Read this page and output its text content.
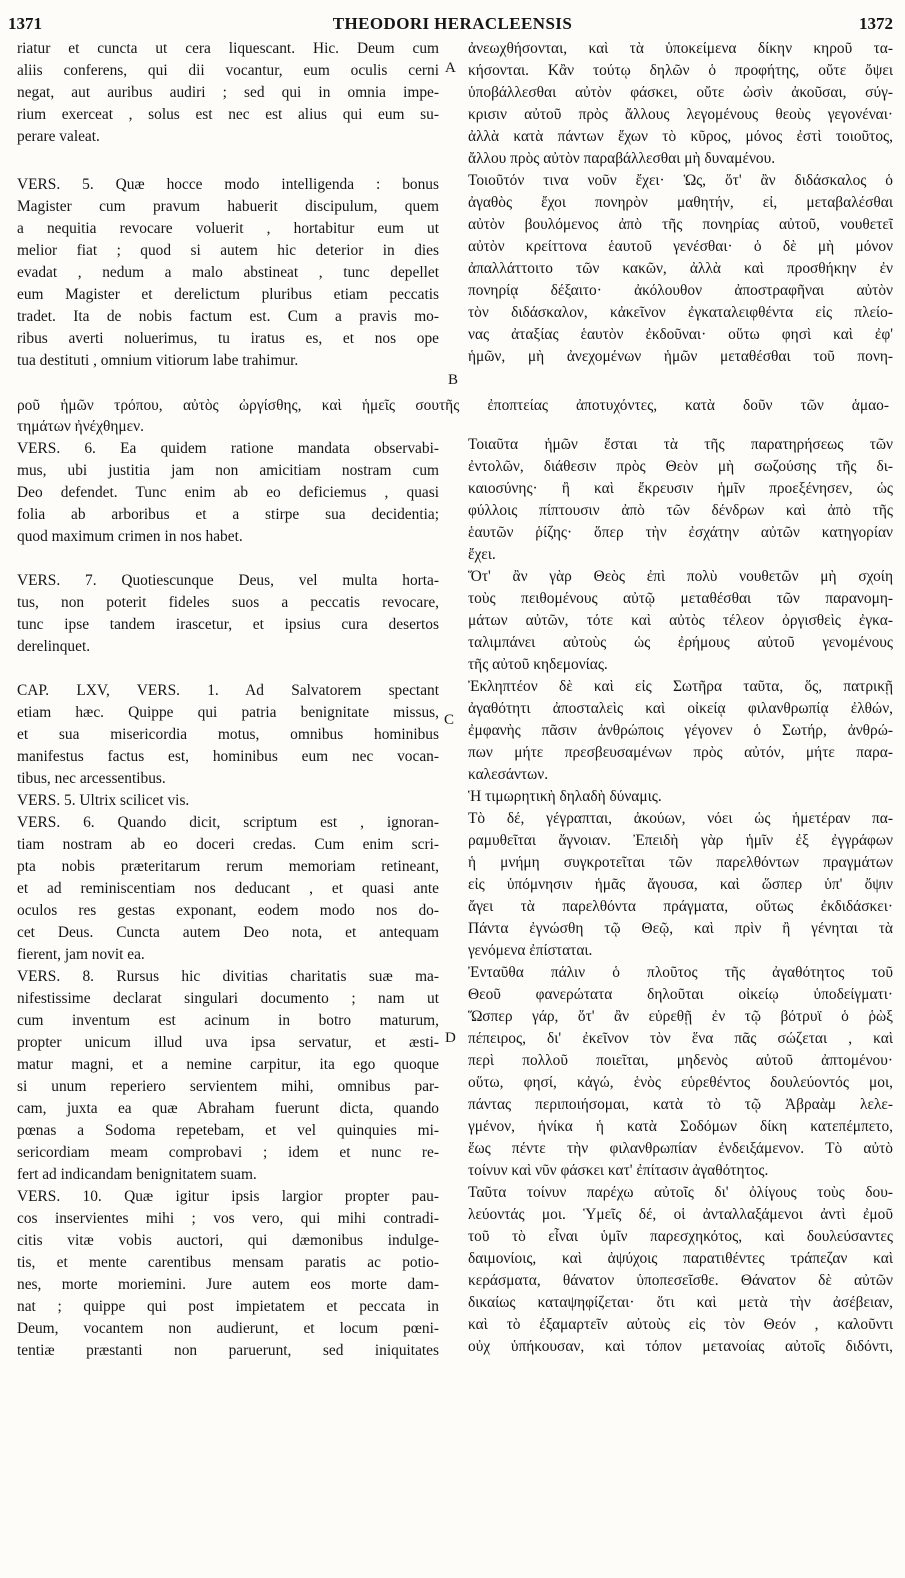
1371	THEODORI HERACLEENSIS	1372
A
B
C
D
riatur et cuncta ut cera liquescant. Hic. Deum cum
aliis conferens, qui dii vocantur, eum oculis cerni
negat, aut auribus audiri ; sed qui in omnia impe-
rium exerceat , solus est nec est alius qui eum su-
perare valeat.
VERS. 5. Quæ hocce modo intelligenda : bonus
Magister cum pravum habuerit discipulum, quem
a nequitia revocare voluerit , hortabitur eum ut
melior fiat ; quod si autem hic deterior in dies
evadat , nedum a malo abstineat , tunc depellet
eum Magister et derelictum pluribus etiam peccatis
tradet. Ita de nobis factum est. Cum a pravis mo-
ribus averti noluerimus, tu iratus es, et nos ope
tua destituti , omnium vitiorum labe trahimur.
τημάτων ἠνέχθημεν.
VERS. 6. Ea quidem ratione mandata observabi-
mus, ubi justitia jam non amicitiam nostram cum
Deo defendet. Tunc enim ab eo deficiemus , quasi
folia ab arboribus et a stirpe sua decidentia;
quod maximum crimen in nos habet.
VERS. 7. Quotiescunque Deus, vel multa horta-
tus, non poterit fideles suos a peccatis revocare,
tunc ipse tandem irascetur, et ipsius cura desertos
derelinquet.
CAP. LXV, VERS. 1. Ad Salvatorem spectant
etiam hæc. Quippe qui patria benignitate missus,
et sua misericordia motus, omnibus hominibus
manifestus factus est, hominibus eum nec vocan-
tibus, nec arcessentibus.
VERS. 5. Ultrix scilicet vis.
VERS. 6. Quando dicit, scriptum est , ignoran-
tiam nostram ab eo doceri credas. Cum enim scri-
pta nobis præteritarum rerum memoriam retineant,
et ad reminiscentiam nos deducant , et quasi ante
oculos res gestas exponant, eodem modo nos do-
cet Deus. Cuncta autem Deo nota, et antequam
fierent, jam novit ea.
VERS. 8. Rursus hic divitias charitatis suæ ma-
nifestissime declarat singulari documento ; nam ut
cum inventum est acinum in botro maturum,
propter unicum illud uva ipsa servatur, et æsti-
matur magni, et a nemine carpitur, ita ego quoque
si unum reperiero servientem mihi, omnibus par-
cam, juxta ea quæ Abraham fuerunt dicta, quando
pœnas a Sodoma repetebam, et vel quinquies mi-
sericordiam meam comprobavi ; idem et nunc re-
fert ad indicandam benignitatem suam.
VERS. 10. Quæ igitur ipsis largior propter pau-
cos inservientes mihi ; vos vero, qui mihi contradi-
citis vitæ vobis auctori, qui dæmonibus indulge-
tis, et mente carentibus mensam paratis ac potio-
nes, morte moriemini. Jure autem eos morte dam-
nat ; quippe qui post impietatem et peccata in
Deum, vocantem non audierunt, et locum pœni-
tentiæ præstanti non paruerunt, sed iniquitates
ροῦ ἡμῶν τρόπου, αὐτὸς ὠργίσθης, καὶ ἡμεῖς σουτῆς ἐποπτείας ἀποτυχόντες, κατὰ δοῦν τῶν ἁμαο-
ἀνεωχθήσονται, καὶ τὰ ὑποκείμενα δίκην κηροῦ τα-
κήσονται. Κἂν τούτῳ δηλῶν ὁ προφήτης, οὔτε ὄψει
ὑποβάλλεσθαι αὐτὸν φάσκει, οὔτε ὠσὶν ἀκοῦσαι, σύγ-
κρισιν αὐτοῦ πρὸς ἄλλους λεγομένους θεοὺς γεγονέναι·
ἀλλὰ κατὰ πάντων ἔχων τὸ κῦρος, μόνος ἐστὶ τοιοῦτος,
ἄλλου πρὸς αὐτὸν παραβάλλεσθαι μὴ δυναμένου.
Τοιοῦτόν τινα νοῦν ἔχει· Ὡς, ὅτ' ἂν διδάσκαλος ὁ
ἀγαθὸς ἔχοι πονηρὸν μαθητήν, εἰ, μεταβαλέσθαι
αὐτὸν βουλόμενος ἀπὸ τῆς πονηρίας αὐτοῦ, νουθετεῖ
αὐτὸν κρείττονα ἑαυτοῦ γενέσθαι· ὁ δὲ μὴ μόνον
ἀπαλλάττοιτο τῶν κακῶν, ἀλλὰ καὶ προσθήκην ἐν
πονηρίᾳ δέξαιτο· ἀκόλουθον ἀποστραφῆναι αὐτὸν
τὸν διδάσκαλον, κἀκεῖνον ἐγκαταλειφθέντα εἰς πλείο-
νας ἀταξίας ἑαυτὸν ἐκδοῦναι· οὕτω φησὶ καὶ ἐφ'
ἡμῶν, μὴ ἀνεχομένων ἡμῶν μεταθέσθαι τοῦ πονη-
Τοιαῦτα ἡμῶν ἔσται τὰ τῆς παρατηρήσεως τῶν
ἐντολῶν, διάθεσιν πρὸς Θεὸν μὴ σωζούσης τῆς δι-
καιοσύνης· ἢ καὶ ἔκρευσιν ἡμῖν προεξένησεν, ὡς
φύλλοις πίπτουσιν ἀπὸ τῶν δένδρων καὶ ἀπὸ τῆς
ἑαυτῶν ῥίζης· ὅπερ τὴν ἐσχάτην αὐτῶν κατηγορίαν
ἔχει.
Ὅτ' ἂν γὰρ Θεὸς ἐπὶ πολὺ νουθετῶν μὴ σχοίη
τοὺς πειθομένους αὐτῷ μεταθέσθαι τῶν παρανομη-
μάτων αὐτῶν, τότε καὶ αὐτὸς τέλεον ὀργισθεὶς ἐγκα-
ταλιμπάνει αὐτοὺς ὡς ἐρήμους αὐτοῦ γενομένους
τῆς αὐτοῦ κηδεμονίας.
Ἐκληπτέον δὲ καὶ εἰς Σωτῆρα ταῦτα, ὅς, πατρικῇ
ἀγαθότητι ἀποσταλεὶς καὶ οἰκείᾳ φιλανθρωπίᾳ ἐλθών,
ἐμφανὴς πᾶσιν ἀνθρώποις γέγονεν ὁ Σωτήρ, ἀνθρώ-
πων μήτε πρεσβευσαμένων πρὸς αὐτόν, μήτε παρα-
καλεσάντων.
Ἡ τιμωρητικὴ δηλαδὴ δύναμις.
Τὸ δέ, γέγραπται, ἀκούων, νόει ὡς ἡμετέραν πα-
ραμυθεῖται ἄγνοιαν. Ἐπειδὴ γὰρ ἡμῖν ἐξ ἐγγράφων
ἡ μνήμη συγκροτεῖται τῶν παρελθόντων πραγμάτων
εἰς ὑπόμνησιν ἡμᾶς ἄγουσα, καὶ ὥσπερ ὑπ' ὄψιν
ἄγει τὰ παρελθόντα πράγματα, οὕτως ἐκδιδάσκει·
Πάντα ἐγνώσθη τῷ Θεῷ, καὶ πρὶν ἢ γένηται τὰ
γενόμενα ἐπίσταται.
Ἐνταῦθα πάλιν ὁ πλοῦτος τῆς ἀγαθότητος τοῦ
Θεοῦ φανερώτατα δηλοῦται οἰκείῳ ὑποδείγματι·
Ὥσπερ γάρ, ὅτ' ἂν εὑρεθῇ ἐν τῷ βότρυϊ ὁ ῥὼξ
πέπειρος, δι' ἐκεῖνον τὸν ἕνα πᾶς σώζεται , καὶ
περὶ πολλοῦ ποιεῖται, μηδενὸς αὐτοῦ ἀπτομένου·
οὕτω, φησί, κἀγώ, ἑνὸς εὑρεθέντος δουλεύοντός μοι,
πάντας περιποιήσομαι, κατὰ τὸ τῷ Ἀβραὰμ λελε-
γμένον, ἡνίκα ἡ κατὰ Σοδόμων δίκη κατεπέμπετο,
ἕως πέντε τὴν φιλανθρωπίαν ἐνδειξάμενον. Τὸ αὐτὸ
τοίνυν καὶ νῦν φάσκει κατ' ἐπίτασιν ἀγαθότητος.
Ταῦτα τοίνυν παρέχω αὐτοῖς δι' ὀλίγους τοὺς δου-
λεύοντάς μοι. Ὑμεῖς δέ, οἱ ἀνταλλαξάμενοι ἀντὶ ἐμοῦ
τοῦ τὸ εἶναι ὑμῖν παρεσχηκότος, καὶ δουλεύσαντες
δαιμονίοις, καὶ ἀψύχοις παρατιθέντες τράπεζαν καὶ
κεράσματα, θάνατον ὑποπεσεῖσθε. Θάνατον δὲ αὐτῶν
δικαίως καταψηφίζεται· ὅτι καὶ μετὰ τὴν ἀσέβειαν,
καὶ τὸ ἐξαμαρτεῖν αὐτοὺς εἰς τὸν Θεόν , καλοῦντι
οὐχ ὑπήκουσαν, καὶ τόπον μετανοίας αὐτοῖς διδόντι,
